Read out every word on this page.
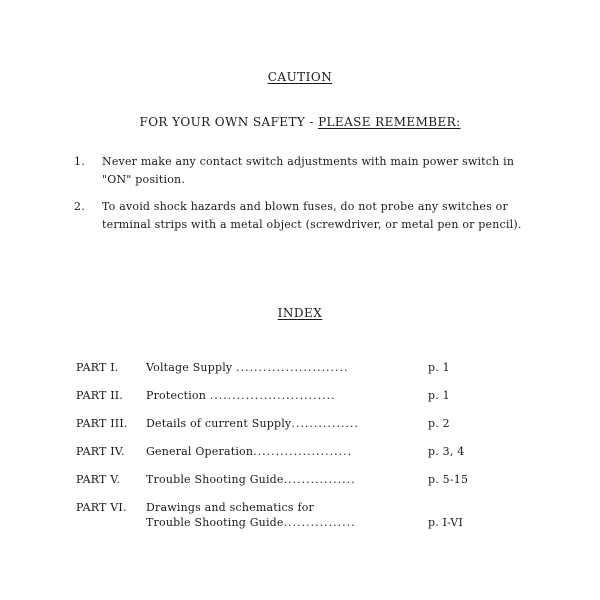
CAUTION
FOR YOUR OWN SAFETY - PLEASE REMEMBER:
1.	Never make any contact switch adjustments with main power switch in
"ON" position.
2.	To avoid shock hazards and blown fuses, do not probe any switches or
terminal strips with a metal object (screwdriver, or metal pen or pencil).
INDEX
PART I.	Voltage Supply .........................	p. 1
PART II.	Protection ............................	p. 1
PART III.	Details of current Supply...............	p. 2
PART IV.	General Operation......................	p. 3, 4
PART V.	Trouble Shooting Guide................	p. 5-15
PART VI.	Drawings and schematics for
Trouble Shooting Guide................	p. I-VI
